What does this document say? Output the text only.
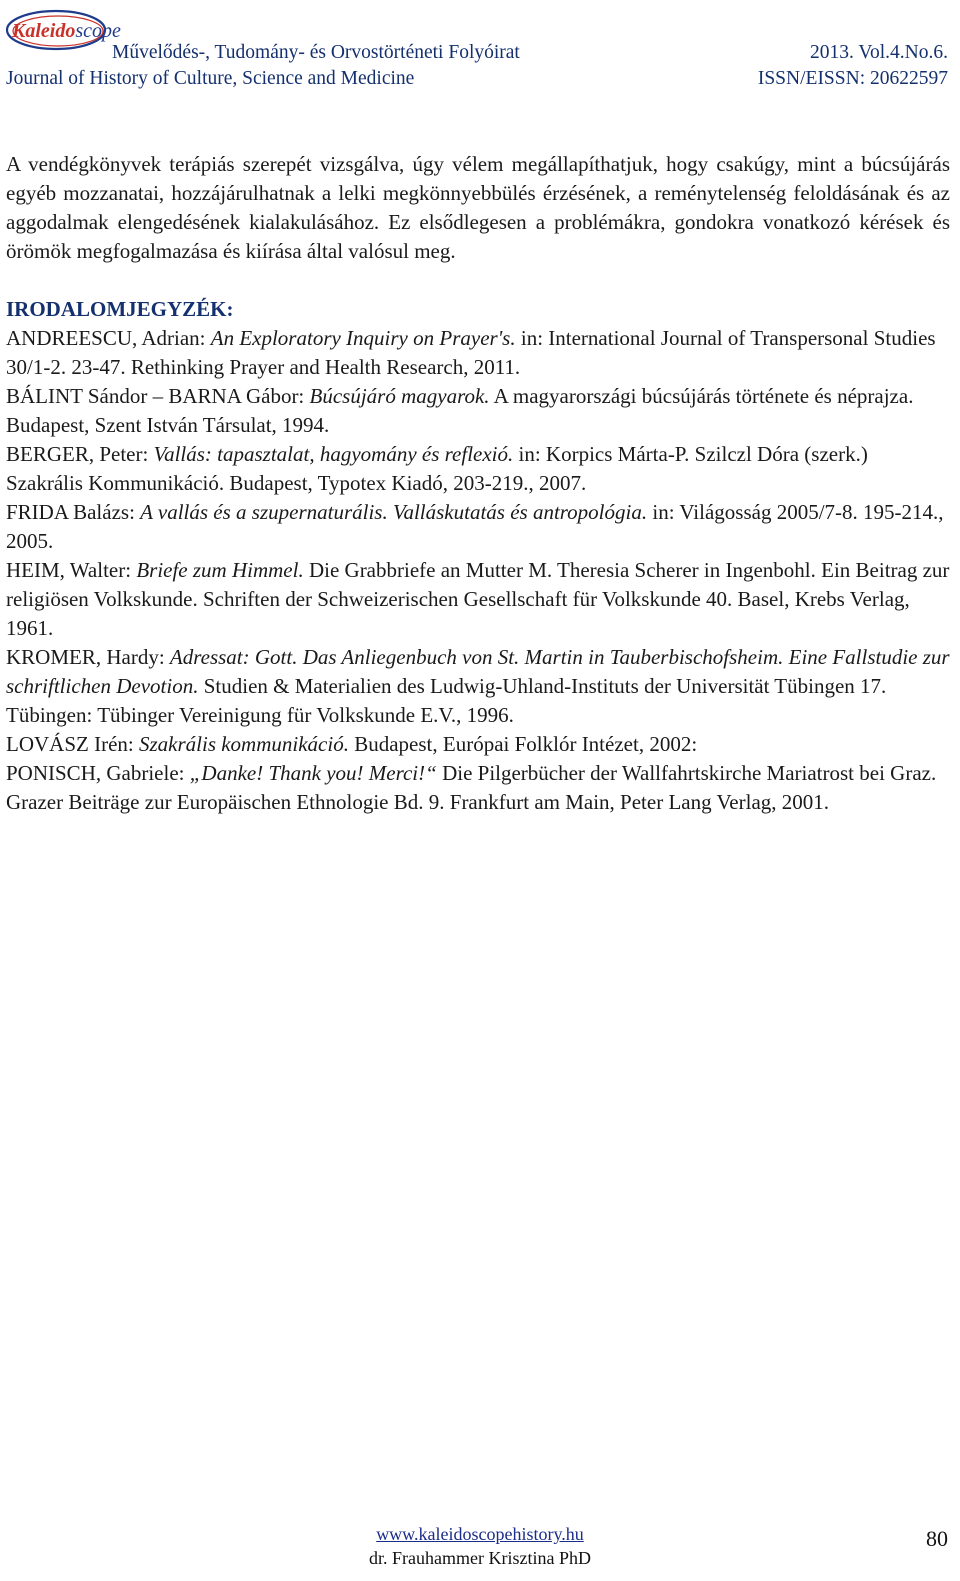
Kaleidoscope
Művelődés-, Tudomány- és Orvostörténeti Folyóirat	2013. Vol.4.No.6.
Journal of History of Culture, Science and Medicine	ISSN/EISSN: 20622597

A vendégkönyvek terápiás szerepét vizsgálva, úgy vélem megállapíthatjuk, hogy csakúgy, mint a búcsújárás egyéb mozzanatai, hozzájárulhatnak a lelki megkönnyebbülés érzésének, a reménytelenség feloldásának és az aggodalmak elengedésének kialakulásához. Ez elsődlegesen a problémákra, gondokra vonatkozó kérések és örömök megfogalmazása és kiírása által valósul meg.

IRODALOMJEGYZÉK:

ANDREESCU, Adrian: An Exploratory Inquiry on Prayer's. in: International Journal of Transpersonal Studies 30/1-2. 23-47. Rethinking Prayer and Health Research, 2011.

BÁLINT Sándor – BARNA Gábor: Búcsújáró magyarok. A magyarországi búcsújárás története és néprajza. Budapest, Szent István Társulat, 1994.

BERGER, Peter: Vallás: tapasztalat, hagyomány és reflexió. in: Korpics Márta-P. Szilczl Dóra (szerk.) Szakrális Kommunikáció. Budapest, Typotex Kiadó, 203-219., 2007.

FRIDA Balázs: A vallás és a szupernaturális. Valláskutatás és antropológia. in: Világosság 2005/7-8. 195-214., 2005.

HEIM, Walter: Briefe zum Himmel. Die Grabbriefe an Mutter M. Theresia Scherer in Ingenbohl. Ein Beitrag zur religiösen Volkskunde. Schriften der Schweizerischen Gesellschaft für Volkskunde 40. Basel, Krebs Verlag, 1961.

KROMER, Hardy: Adressat: Gott. Das Anliegenbuch von St. Martin in Tauberbischofsheim. Eine Fallstudie zur schriftlichen Devotion. Studien & Materialien des Ludwig-Uhland-Instituts der Universität Tübingen 17. Tübingen: Tübinger Vereinigung für Volkskunde E.V., 1996.

LOVÁSZ Irén: Szakrális kommunikáció. Budapest, Európai Folklór Intézet, 2002:

PONISCH, Gabriele: „Danke! Thank you! Merci!“ Die Pilgerbücher der Wallfahrtskirche Mariatrost bei Graz. Grazer Beiträge zur Europäischen Ethnologie Bd. 9. Frankfurt am Main, Peter Lang Verlag, 2001.

www.kaleidoscopehistory.hu
dr. Frauhammer Krisztina PhD
80
